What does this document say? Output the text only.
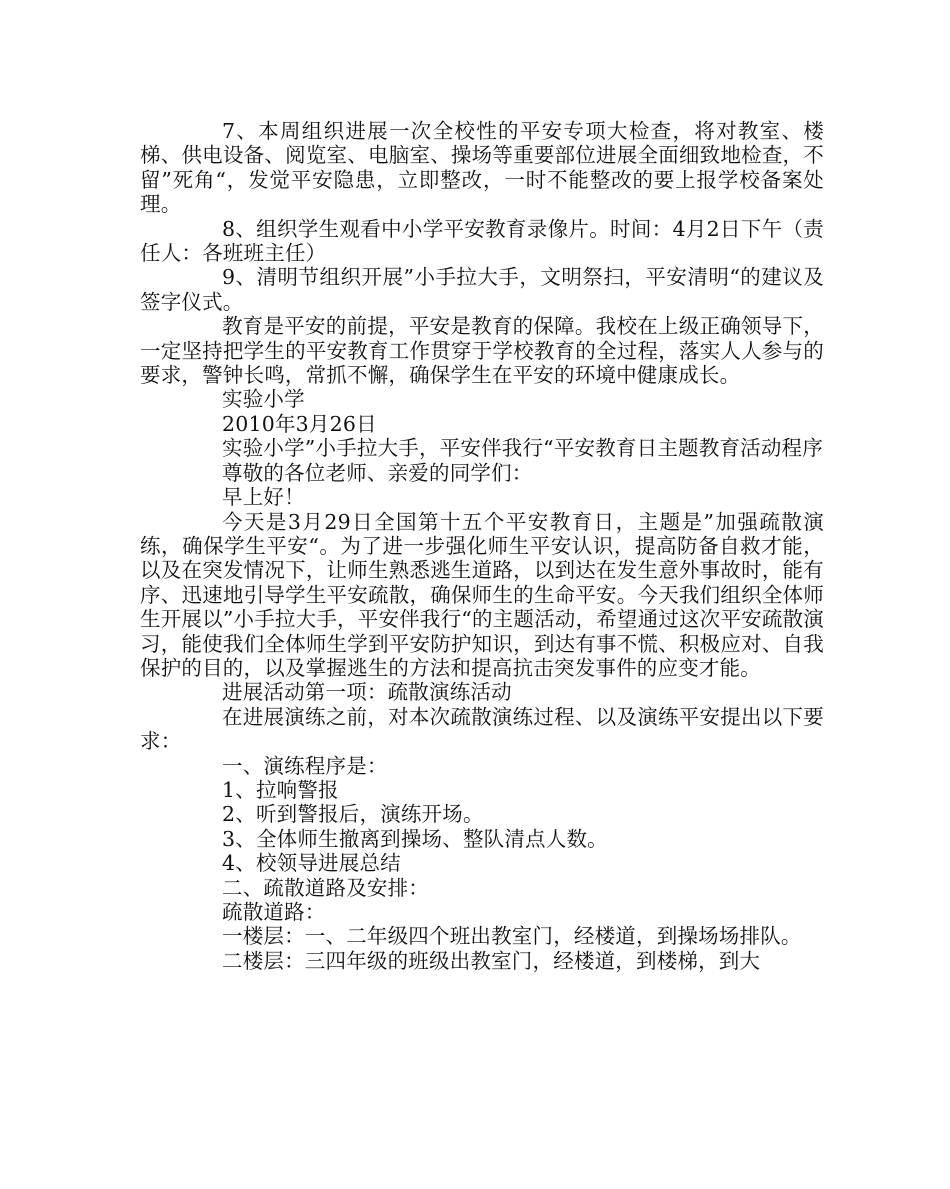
7、本周组织进展一次全校性的平安专项大检查，将对教室、楼梯、供电设备、阅览室、电脑室、操场等重要部位进展全面细致地检查，不留”死角“，发觉平安隐患，立即整改，一时不能整改的要上报学校备案处理。

8、组织学生观看中小学平安教育录像片。时间：4月2日下午（责任人：各班班主任）

9、清明节组织开展”小手拉大手，文明祭扫，平安清明“的建议及签字仪式。

教育是平安的前提，平安是教育的保障。我校在上级正确领导下，一定坚持把学生的平安教育工作贯穿于学校教育的全过程，落实人人参与的要求，警钟长鸣，常抓不懈，确保学生在平安的环境中健康成长。

实验小学

2010年3月26日

实验小学”小手拉大手，平安伴我行“平安教育日主题教育活动程序

尊敬的各位老师、亲爱的同学们：

早上好！

今天是3月29日全国第十五个平安教育日，主题是”加强疏散演练，确保学生平安“。为了进一步强化师生平安认识，提高防备自救才能，以及在突发情况下，让师生熟悉逃生道路，以到达在发生意外事故时，能有序、迅速地引导学生平安疏散，确保师生的生命平安。今天我们组织全体师生开展以”小手拉大手，平安伴我行“的主题活动，希望通过这次平安疏散演习，能使我们全体师生学到平安防护知识，到达有事不慌、积极应对、自我保护的目的，以及掌握逃生的方法和提高抗击突发事件的应变才能。

进展活动第一项：疏散演练活动

在进展演练之前，对本次疏散演练过程、以及演练平安提出以下要求：

一、演练程序是：

1、拉响警报

2、听到警报后，演练开场。

3、全体师生撤离到操场、整队清点人数。

4、校领导进展总结

二、疏散道路及安排：

疏散道路：

一楼层：一、二年级四个班出教室门，经楼道，到操场场排队。

二楼层：三四年级的班级出教室门，经楼道，到楼梯，到大
